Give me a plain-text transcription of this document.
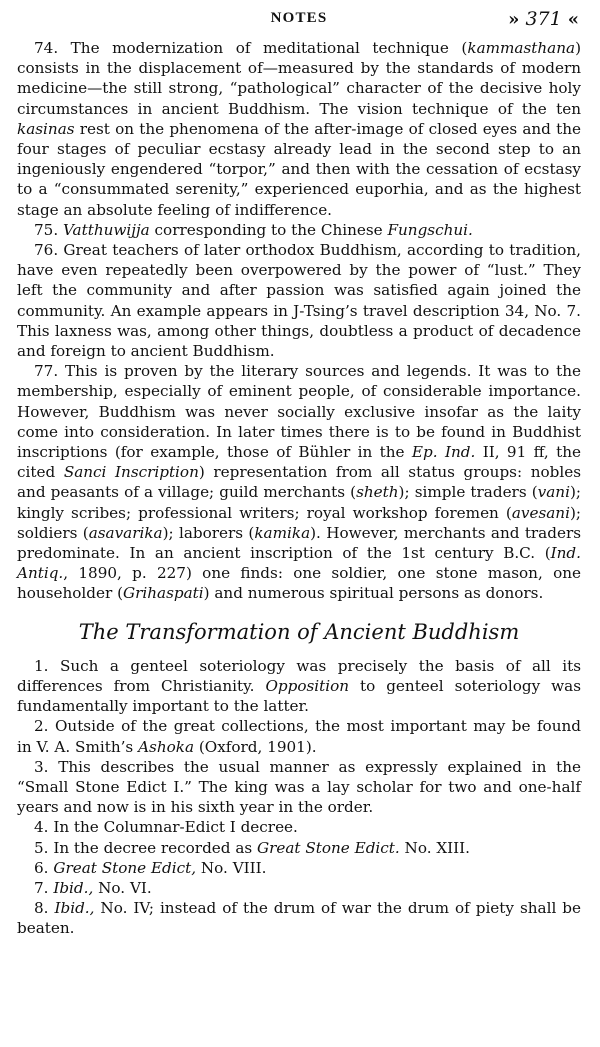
NOTES	» 371 «

74. The modernization of meditational technique (kammasthana) consists in the displacement of—measured by the standards of modern medicine—the still strong, “pathological” character of the decisive holy circumstances in ancient Buddhism. The vision technique of the ten kasinas rest on the phenomena of the after-image of closed eyes and the four stages of peculiar ecstasy already lead in the second step to an ingeniously engendered “torpor,” and then with the cessation of ecstasy to a “consummated serenity,” experienced euporhia, and as the highest stage an absolute feeling of indifference.

75. Vatthuwijja corresponding to the Chinese Fungschui.

76. Great teachers of later orthodox Buddhism, according to tradition, have even repeatedly been overpowered by the power of “lust.” They left the community and after passion was satisfied again joined the community. An example appears in J-Tsing’s travel description 34, No. 7. This laxness was, among other things, doubtless a product of decadence and foreign to ancient Buddhism.

77. This is proven by the literary sources and legends. It was to the membership, especially of eminent people, of considerable importance. However, Buddhism was never socially exclusive insofar as the laity come into consideration. In later times there is to be found in Buddhist inscriptions (for example, those of Bühler in the Ep. Ind. II, 91 ff, the cited Sanci Inscription) representation from all status groups: nobles and peasants of a village; guild merchants (sheth); simple traders (vani); kingly scribes; professional writers; royal workshop foremen (avesani); soldiers (asavarika); laborers (kamika). However, merchants and traders predominate. In an ancient inscription of the 1st century B.C. (Ind. Antiq., 1890, p. 227) one finds: one soldier, one stone mason, one householder (Grihaspati) and numerous spiritual persons as donors.

The Transformation of Ancient Buddhism

1. Such a genteel soteriology was precisely the basis of all its differences from Christianity. Opposition to genteel soteriology was fundamentally important to the latter.

2. Outside of the great collections, the most important may be found in V. A. Smith’s Ashoka (Oxford, 1901).

3. This describes the usual manner as expressly explained in the “Small Stone Edict I.” The king was a lay scholar for two and one-half years and now is in his sixth year in the order.

4. In the Columnar-Edict I decree.

5. In the decree recorded as Great Stone Edict. No. XIII.

6. Great Stone Edict, No. VIII.

7. Ibid., No. VI.

8. Ibid., No. IV; instead of the drum of war the drum of piety shall be beaten.
